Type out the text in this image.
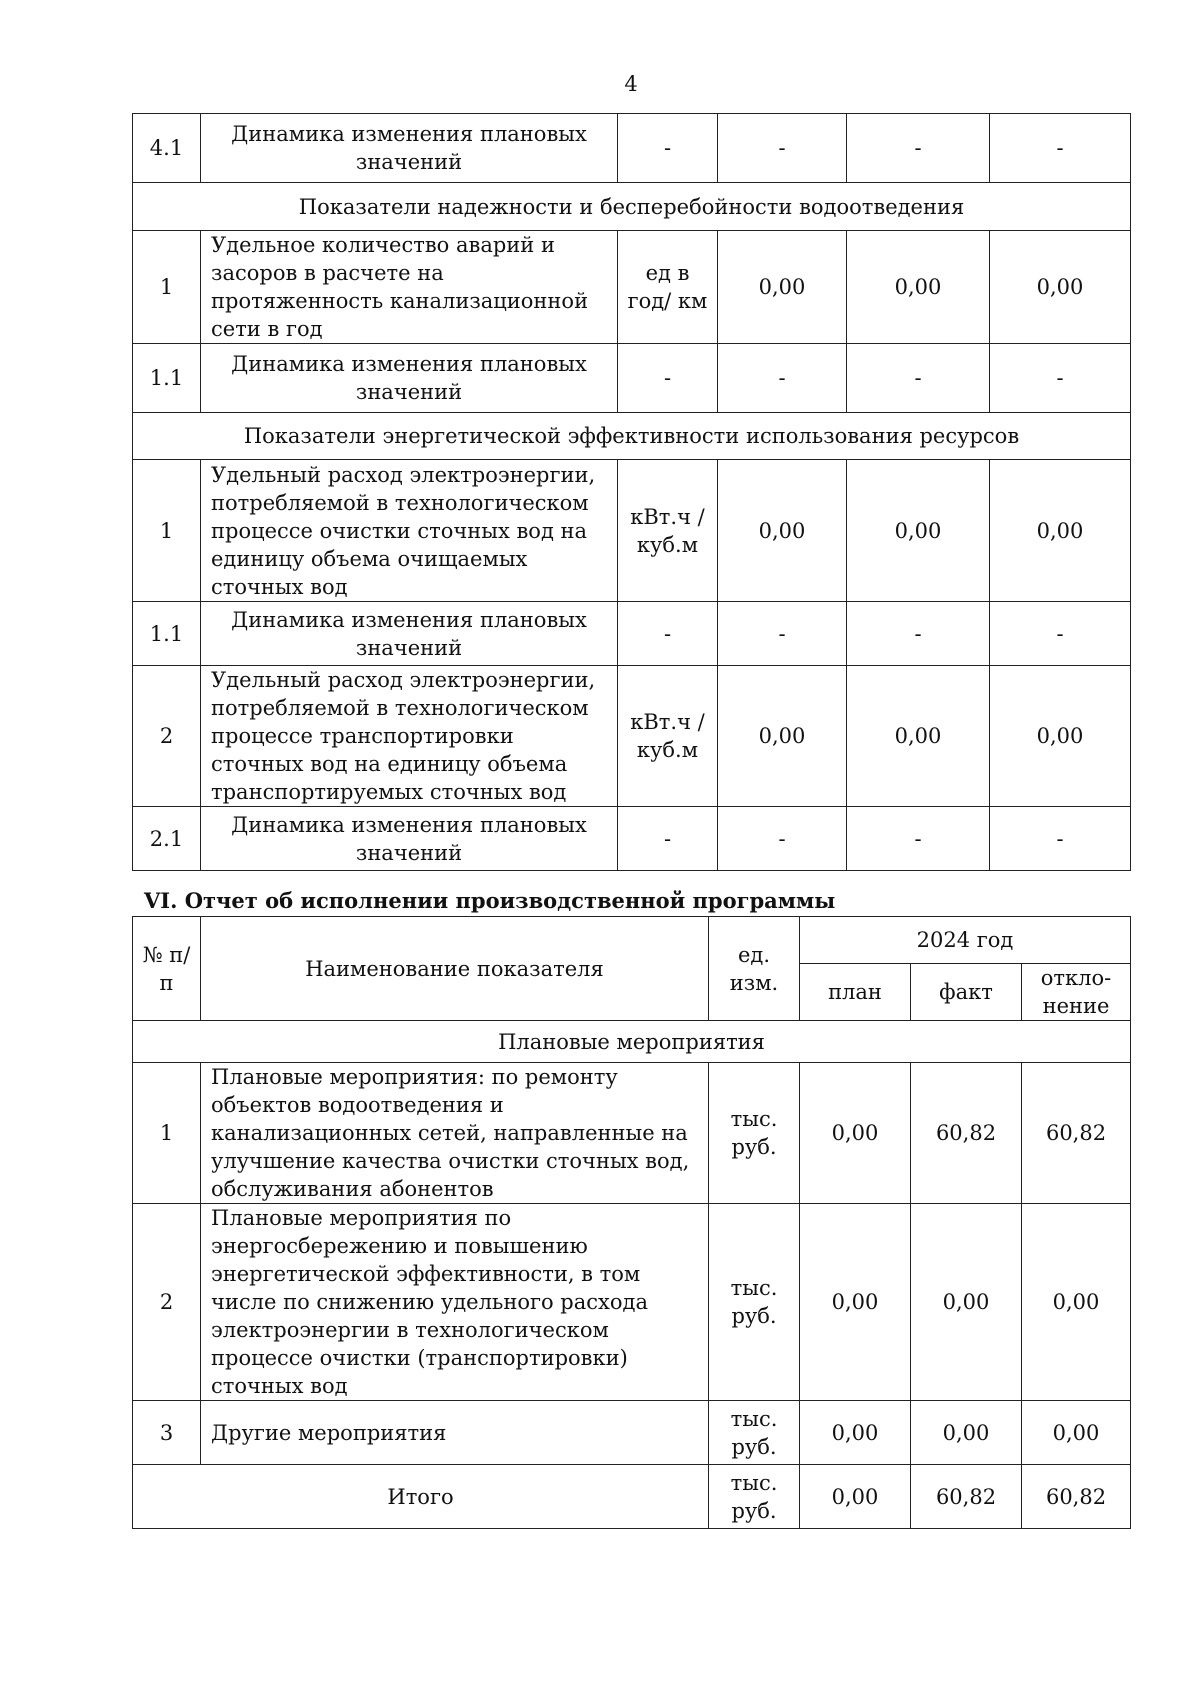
4
4.1	Динамика изменения плановых значений	-	-	-	-
Показатели надежности и бесперебойности водоотведения					
1	Удельное количество аварий и засоров в расчете на протяженность канализационной сети в год	ед в год/ км	0,00	0,00	0,00
1.1	Динамика изменения плановых значений	-	-	-	-
Показатели энергетической эффективности использования ресурсов					
1	Удельный расход электроэнергии, потребляемой в технологическом процессе очистки сточных вод на единицу объема очищаемых сточных вод	кВт.ч / куб.м	0,00	0,00	0,00
1.1	Динамика изменения плановых значений	-	-	-	-
2	Удельный расход электроэнергии, потребляемой в технологическом процессе транспортировки сточных вод на единицу объема транспортируемых сточных вод	кВт.ч / куб.м	0,00	0,00	0,00
2.1	Динамика изменения плановых значений	-	-	-	-
VI. Отчет об исполнении производственной программы
№ п/п	Наименование показателя	ед. изм.	2024 год		
			план	факт	откло-нение
Плановые мероприятия					
1	Плановые мероприятия: по ремонту объектов водоотведения и канализационных сетей, направленные на улучшение качества очистки сточных вод, обслуживания абонентов	тыс. руб.	0,00	60,82	60,82
2	Плановые мероприятия по энергосбережению и повышению энергетической эффективности, в том числе по снижению удельного расхода электроэнергии в технологическом процессе очистки (транспортировки) сточных вод	тыс. руб.	0,00	0,00	0,00
3	Другие мероприятия	тыс. руб.	0,00	0,00	0,00
Итого		тыс. руб.	0,00	60,82	60,82
